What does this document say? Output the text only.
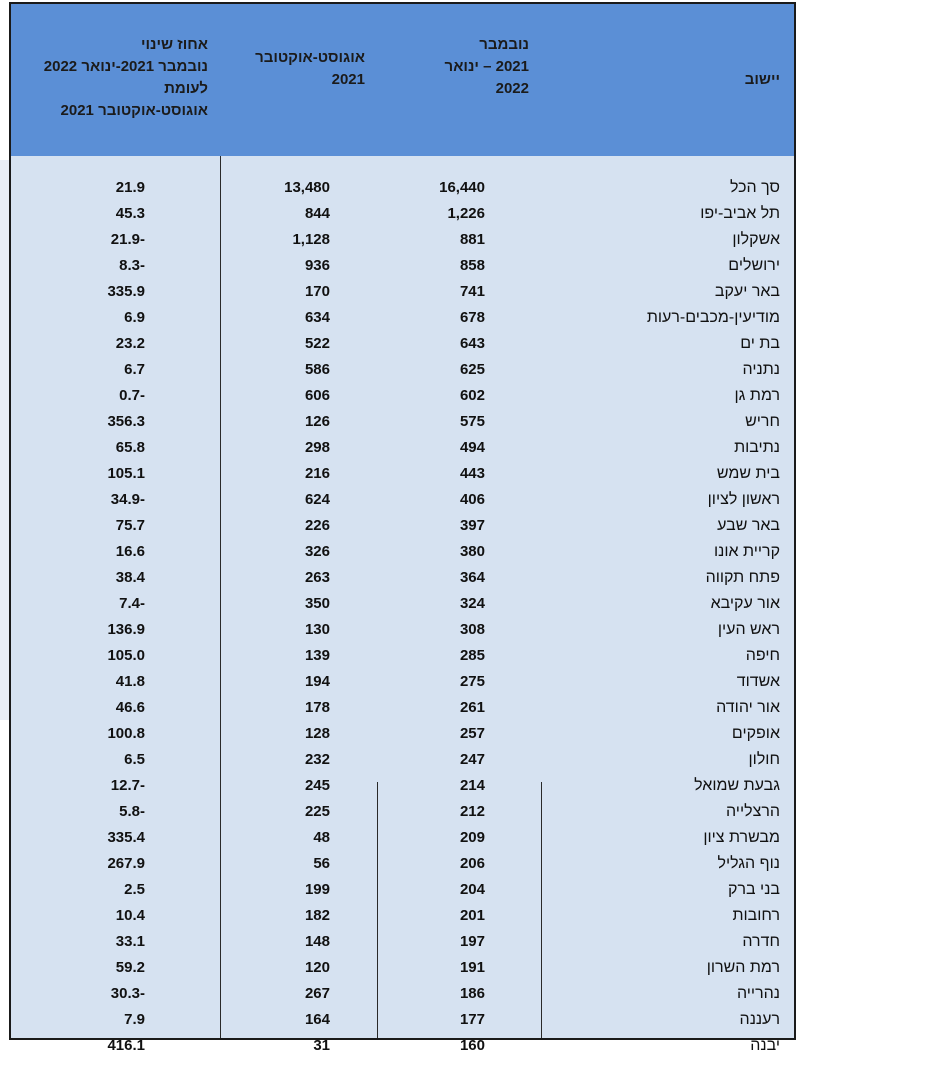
יישוב
נובמבר
2021 – ינואר
2022
אוגוסט-אוקטובר
2021
אחוז שינוי
נובמבר 2021-ינואר 2022
לעומת
אוגוסט-אוקטובר 2021
סך הכל
16,440
13,480
21.9
תל אביב-יפו
1,226
844
45.3
אשקלון
881
1,128
21.9-
ירושלים
858
936
8.3-
באר יעקב
741
170
335.9
מודיעין-מכבים-רעות
678
634
6.9
בת ים
643
522
23.2
נתניה
625
586
6.7
רמת גן
602
606
0.7-
חריש
575
126
356.3
נתיבות
494
298
65.8
בית שמש
443
216
105.1
ראשון לציון
406
624
34.9-
באר שבע
397
226
75.7
קריית אונו
380
326
16.6
פתח תקווה
364
263
38.4
אור עקיבא
324
350
7.4-
ראש העין
308
130
136.9
חיפה
285
139
105.0
אשדוד
275
194
41.8
אור יהודה
261
178
46.6
אופקים
257
128
100.8
חולון
247
232
6.5
גבעת שמואל
214
245
12.7-
הרצלייה
212
225
5.8-
מבשרת ציון
209
48
335.4
נוף הגליל
206
56
267.9
בני ברק
204
199
2.5
רחובות
201
182
10.4
חדרה
197
148
33.1
רמת השרון
191
120
59.2
נהרייה
186
267
30.3-
רעננה
177
164
7.9
יבנה
160
31
416.1
